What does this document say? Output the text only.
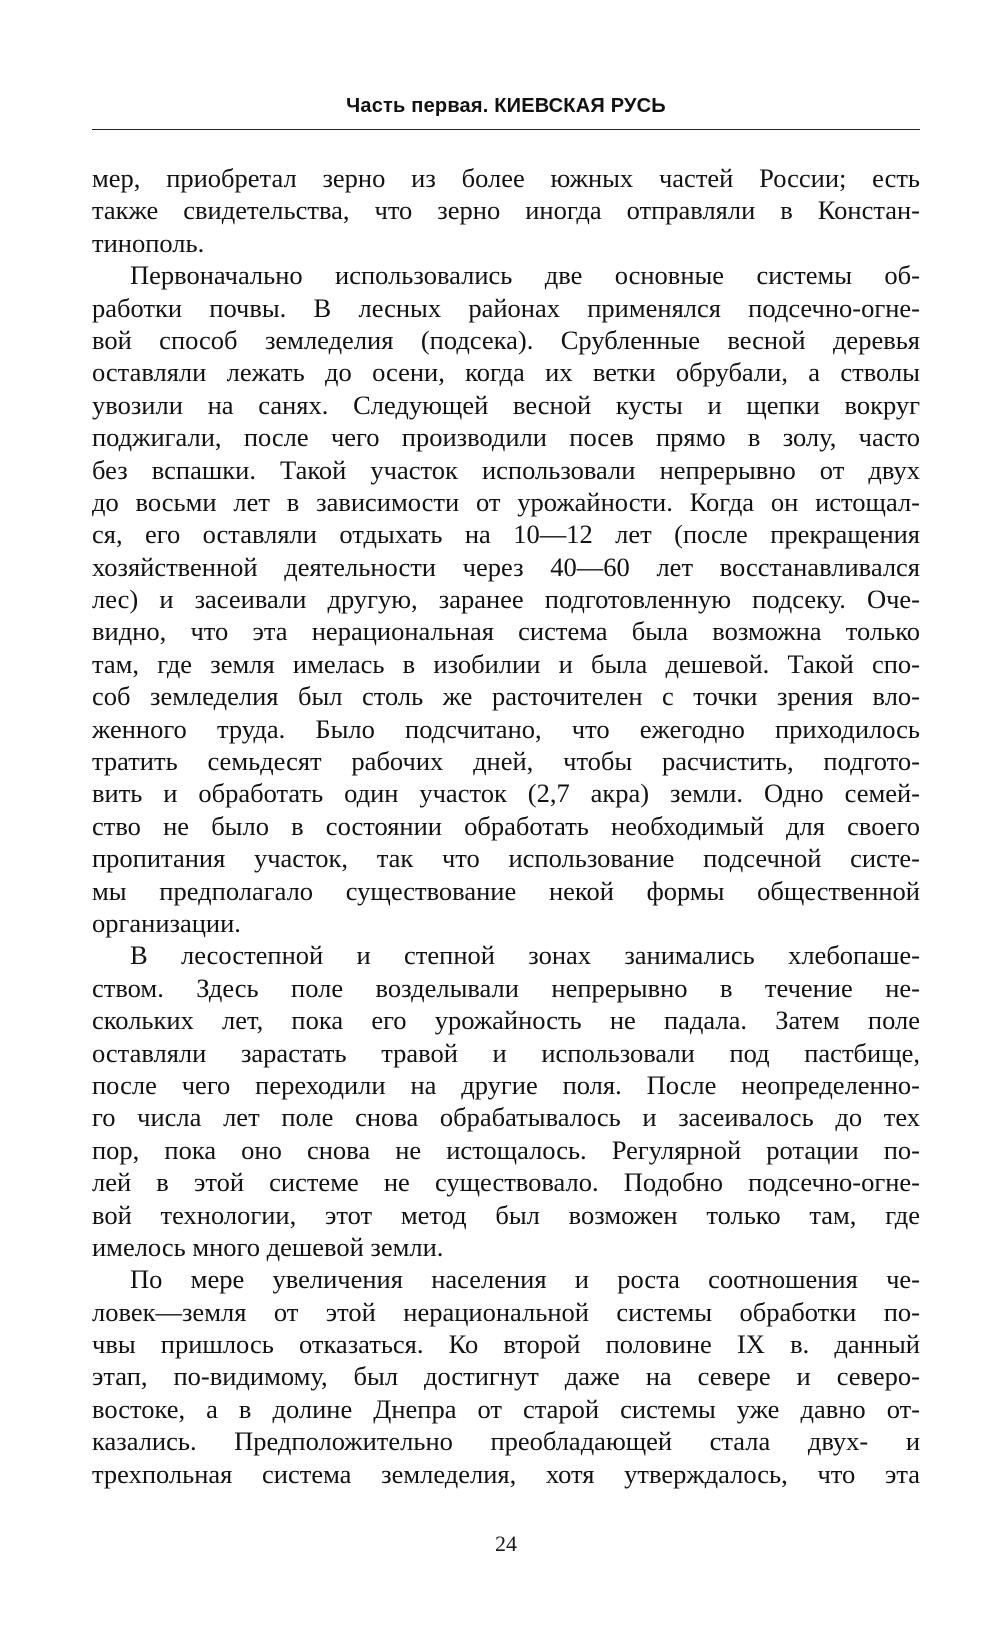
Часть первая. КИЕВСКАЯ РУСЬ
мер, приобретал зерно из более южных частей России; есть
также свидетельства, что зерно иногда отправляли в Констан-
тинополь.
Первоначально использовались две основные системы об-
работки почвы. В лесных районах применялся подсечно-огне-
вой способ земледелия (подсека). Срубленные весной деревья
оставляли лежать до осени, когда их ветки обрубали, а стволы
увозили на санях. Следующей весной кусты и щепки вокруг
поджигали, после чего производили посев прямо в золу, часто
без вспашки. Такой участок использовали непрерывно от двух
до восьми лет в зависимости от урожайности. Когда он истощал-
ся, его оставляли отдыхать на 10—12 лет (после прекращения
хозяйственной деятельности через 40—60 лет восстанавливался
лес) и засеивали другую, заранее подготовленную подсеку. Оче-
видно, что эта нерациональная система была возможна только
там, где земля имелась в изобилии и была дешевой. Такой спо-
соб земледелия был столь же расточителен с точки зрения вло-
женного труда. Было подсчитано, что ежегодно приходилось
тратить семьдесят рабочих дней, чтобы расчистить, подгото-
вить и обработать один участок (2,7 акра) земли. Одно семей-
ство не было в состоянии обработать необходимый для своего
пропитания участок, так что использование подсечной систе-
мы предполагало существование некой формы общественной
организации.
В лесостепной и степной зонах занимались хлебопаше-
ством. Здесь поле возделывали непрерывно в течение не-
скольких лет, пока его урожайность не падала. Затем поле
оставляли зарастать травой и использовали под пастбище,
после чего переходили на другие поля. После неопределенно-
го числа лет поле снова обрабатывалось и засеивалось до тех
пор, пока оно снова не истощалось. Регулярной ротации по-
лей в этой системе не существовало. Подобно подсечно-огне-
вой технологии, этот метод был возможен только там, где
имелось много дешевой земли.
По мере увеличения населения и роста соотношения че-
ловек—земля от этой нерациональной системы обработки по-
чвы пришлось отказаться. Ко второй половине IX в. данный
этап, по-видимому, был достигнут даже на севере и северо-
востоке, а в долине Днепра от старой системы уже давно от-
казались. Предположительно преобладающей стала двух- и
трехпольная система земледелия, хотя утверждалось, что эта
24
